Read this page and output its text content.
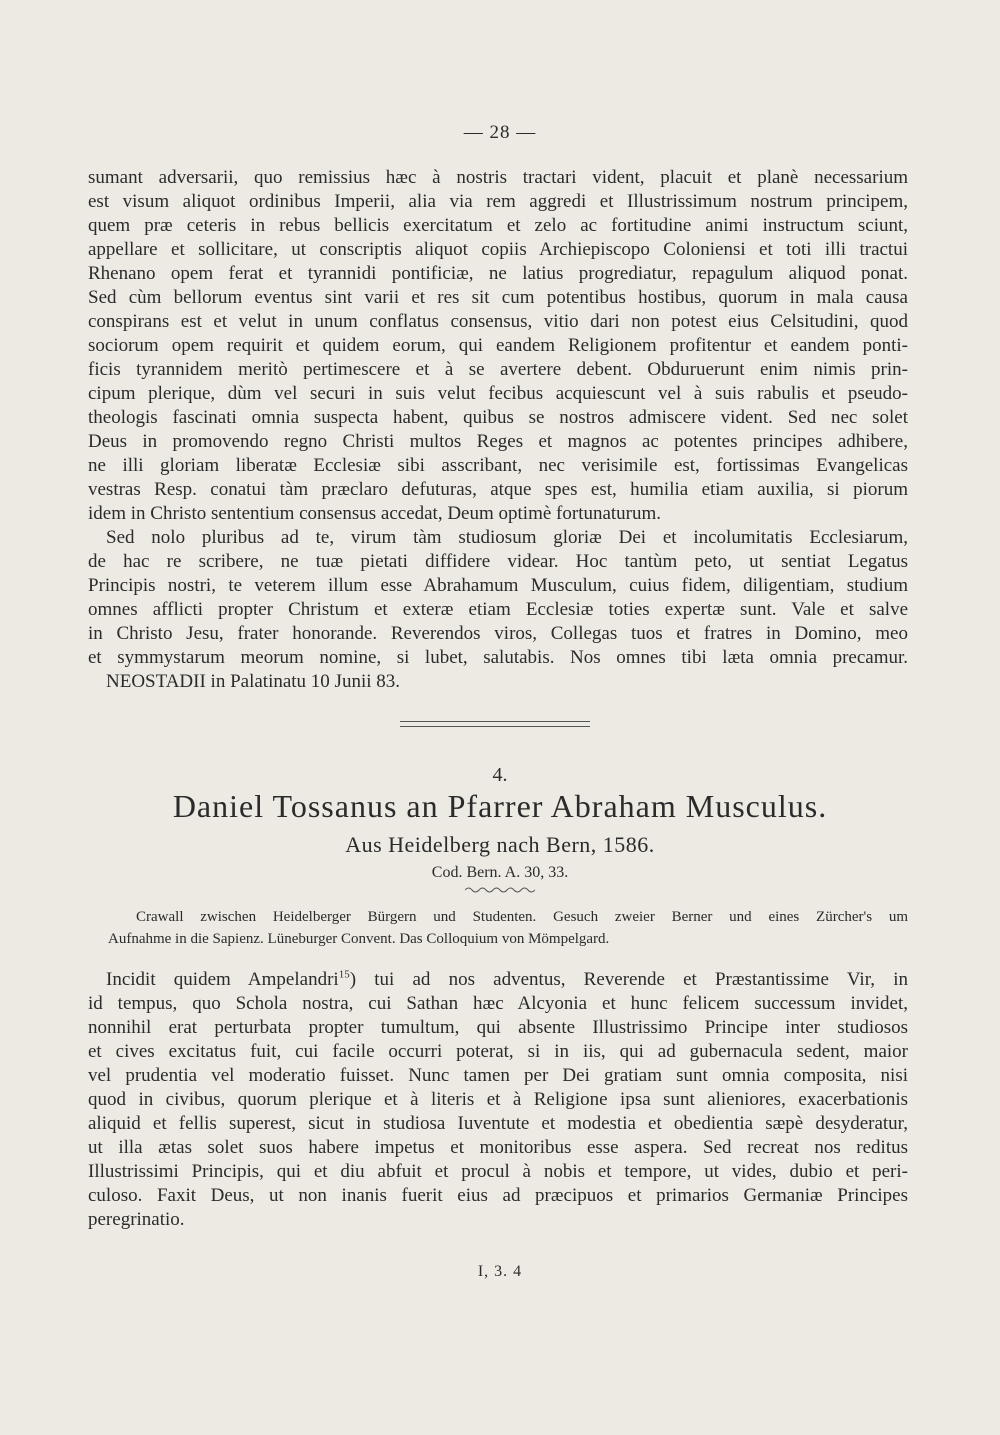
— 28 —
sumant adversarii, quo remissius hæc à nostris tractari vident, placuit et planè necessarium
est visum aliquot ordinibus Imperii, alia via rem aggredi et Illustrissimum nostrum principem,
quem præ ceteris in rebus bellicis exercitatum et zelo ac fortitudine animi instructum sciunt,
appellare et sollicitare, ut conscriptis aliquot copiis Archiepiscopo Coloniensi et toti illi tractui
Rhenano opem ferat et tyrannidi pontificiæ, ne latius progrediatur, repagulum aliquod ponat.
Sed cùm bellorum eventus sint varii et res sit cum potentibus hostibus, quorum in mala causa
conspirans est et velut in unum conflatus consensus, vitio dari non potest eius Celsitudini, quod
sociorum opem requirit et quidem eorum, qui eandem Religionem profitentur et eandem ponti-
ficis tyrannidem meritò pertimescere et à se avertere debent. Obduruerunt enim nimis prin-
cipum plerique, dùm vel securi in suis velut fecibus acquiescunt vel à suis rabulis et pseudo-
theologis fascinati omnia suspecta habent, quibus se nostros admiscere vident. Sed nec solet
Deus in promovendo regno Christi multos Reges et magnos ac potentes principes adhibere,
ne illi gloriam liberatæ Ecclesiæ sibi asscribant, nec verisimile est, fortissimas Evangelicas
vestras Resp. conatui tàm præclaro defuturas, atque spes est, humilia etiam auxilia, si piorum
idem in Christo sententium consensus accedat, Deum optimè fortunaturum.
Sed nolo pluribus ad te, virum tàm studiosum gloriæ Dei et incolumitatis Ecclesiarum,
de hac re scribere, ne tuæ pietati diffidere videar. Hoc tantùm peto, ut sentiat Legatus
Principis nostri, te veterem illum esse Abrahamum Musculum, cuius fidem, diligentiam, studium
omnes afflicti propter Christum et exteræ etiam Ecclesiæ toties expertæ sunt. Vale et salve
in Christo Jesu, frater honorande. Reverendos viros, Collegas tuos et fratres in Domino, meo
et symmystarum meorum nomine, si lubet, salutabis. Nos omnes tibi læta omnia precamur.
NEOSTADII in Palatinatu 10 Junii 83.
4.
Daniel Tossanus an Pfarrer Abraham Musculus.
Aus Heidelberg nach Bern, 1586.
Cod. Bern. A. 30, 33.
Crawall zwischen Heidelberger Bürgern und Studenten. Gesuch zweier Berner und eines Zürcher's um
Aufnahme in die Sapienz. Lüneburger Convent. Das Colloquium von Mömpelgard.
Incidit quidem Ampelandri$^{15}$) tui ad nos adventus, Reverende et Præstantissime Vir, in
id tempus, quo Schola nostra, cui Sathan hæc Alcyonia et hunc felicem successum invidet,
nonnihil erat perturbata propter tumultum, qui absente Illustrissimo Principe inter studiosos
et cives excitatus fuit, cui facile occurri poterat, si in iis, qui ad gubernacula sedent, maior
vel prudentia vel moderatio fuisset. Nunc tamen per Dei gratiam sunt omnia composita, nisi
quod in civibus, quorum plerique et à literis et à Religione ipsa sunt alieniores, exacerbationis
aliquid et fellis superest, sicut in studiosa Iuventute et modestia et obedientia sæpè desyderatur,
ut illa ætas solet suos habere impetus et monitoribus esse aspera. Sed recreat nos reditus
Illustrissimi Principis, qui et diu abfuit et procul à nobis et tempore, ut vides, dubio et peri-
culoso. Faxit Deus, ut non inanis fuerit eius ad præcipuos et primarios Germaniæ Principes
peregrinatio.
I, 3. 4
